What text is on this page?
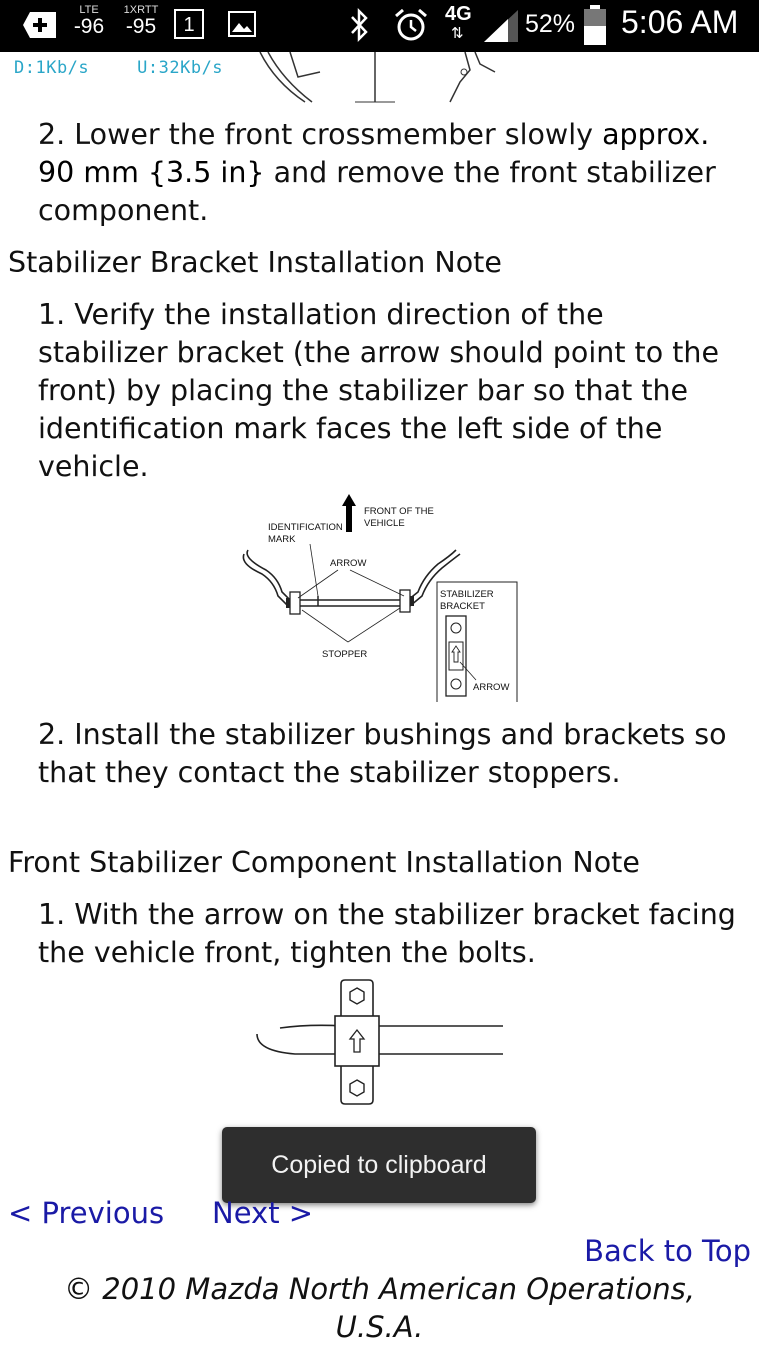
LTE
-96
1XRTT
-95	1	4G
⇅ 52% 5:06 AM
D:1Kb/s	U:32Kb/s

2. Lower the front crossmember slowly approx. 90 mm {3.5 in} and remove the front stabilizer component.

Stabilizer Bracket Installation Note

1. Verify the installation direction of the stabilizer bracket (the arrow should point to the front) by placing the stabilizer bar so that the identification mark faces the left side of the vehicle.

FRONT OF THE
VEHICLE
IDENTIFICATION
MARK
ARROW
STOPPER
STABILIZER
BRACKET
ARROW

2. Install the stabilizer bushings and brackets so that they contact the stabilizer stoppers.

Front Stabilizer Component Installation Note

1. With the arrow on the stabilizer bracket facing the vehicle front, tighten the bolts.

Copied to clipboard
< Previous Next >
Back to Top
© 2010 Mazda North American Operations,
U.S.A.
